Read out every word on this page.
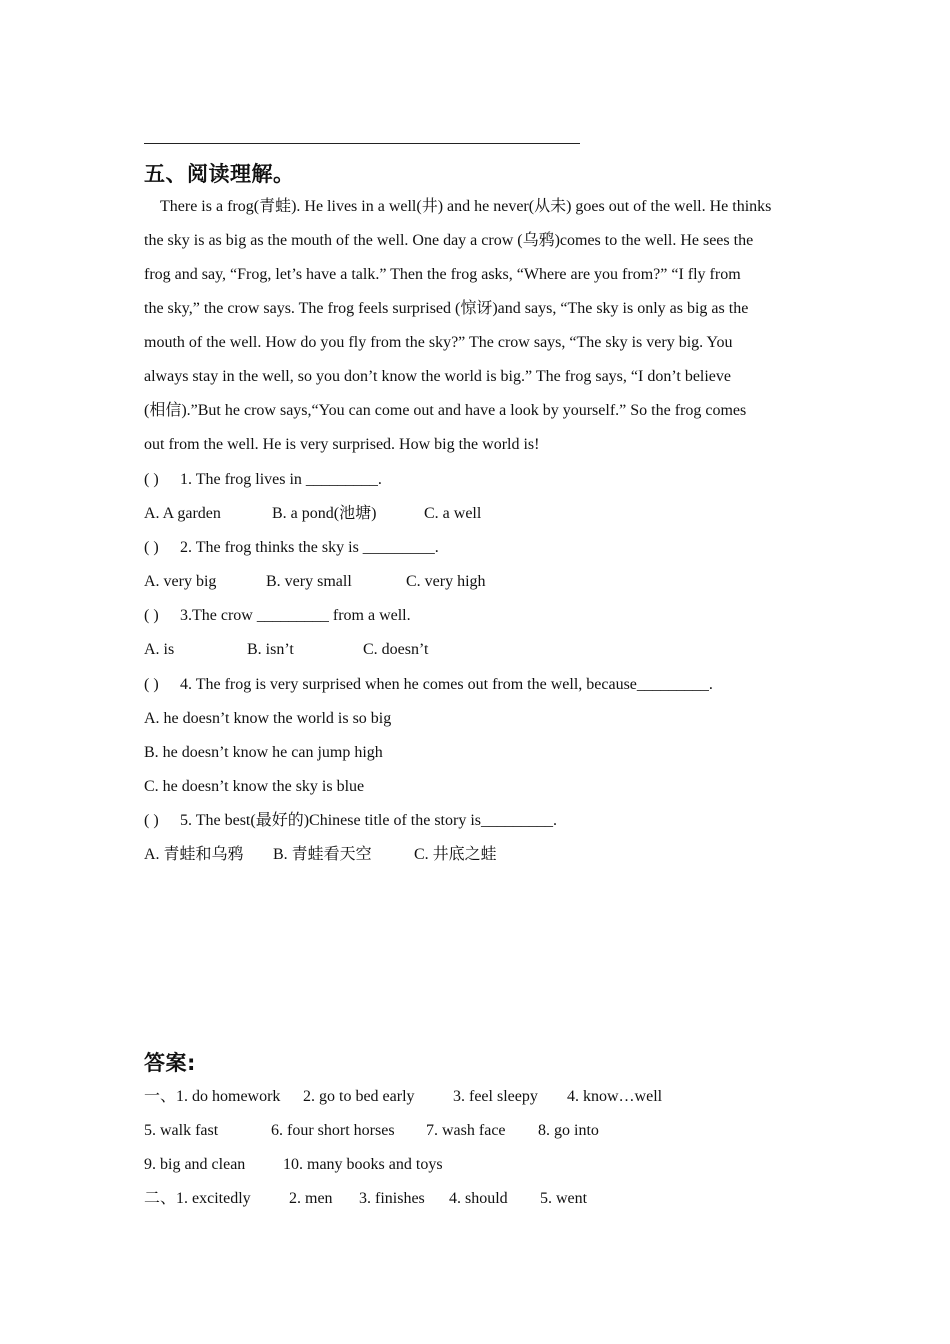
五、阅读理解。
There is a frog(青蛙). He lives in a well(井) and he never(从未) goes out of the well. He thinks
the sky is as big as the mouth of the well. One day a crow (乌鸦)comes to the well. He sees the
frog and say, “Frog, let’s have a talk.” Then the frog asks, “Where are you from?” “I fly from
the sky,” the crow says. The frog feels surprised (惊讶)and says, “The sky is only as big as the
mouth of the well. How do you fly from the sky?” The crow says, “The sky is very big. You
always stay in the well, so you don’t know the world is big.” The frog says, “I don’t believe
(相信).”But he crow says,“You can come out and have a look by yourself.” So the frog comes
out from the well. He is very surprised. How big the world is!
( ) 1. The frog lives in _________.
A. A garden	B. a pond(池塘)	C. a well
( ) 2. The frog thinks the sky is _________.
A. very big	B. very small	C. very high
( ) 3.The crow _________ from a well.
A. is	B. isn’t	C. doesn’t
( ) 4. The frog is very surprised when he comes out from the well, because_________.
A. he doesn’t know the world is so big
B. he doesn’t know he can jump high
C. he doesn’t know the sky is blue
( ) 5. The best(最好的)Chinese title of the story is_________.
A. 青蛙和乌鸦 B. 青蛙看天空	C. 井底之蛙
答案:
一、1. do homework 2. go to bed early 3. feel sleepy 4. know…well
5. walk fast	6. four short horses 7. wash face 8. go into
9. big and clean 10. many books and toys
二、1. excitedly 2. men 3. finishes 4. should 5. went
